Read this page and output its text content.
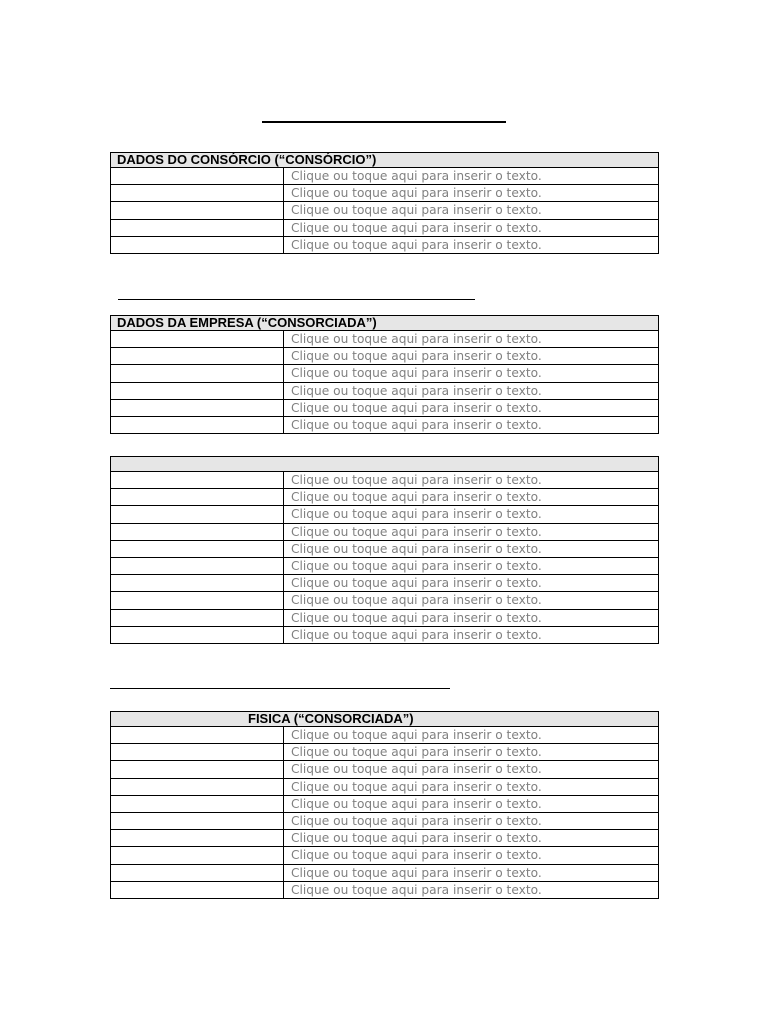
DADOS DO CONSÓRCIO (“CONSÓRCIO”)	
	Clique ou toque aqui para inserir o texto.
	Clique ou toque aqui para inserir o texto.
	Clique ou toque aqui para inserir o texto.
	Clique ou toque aqui para inserir o texto.
	Clique ou toque aqui para inserir o texto.
DADOS DA EMPRESA (“CONSORCIADA”)	
	Clique ou toque aqui para inserir o texto.
	Clique ou toque aqui para inserir o texto.
	Clique ou toque aqui para inserir o texto.
	Clique ou toque aqui para inserir o texto.
	Clique ou toque aqui para inserir o texto.
	Clique ou toque aqui para inserir o texto.

	Clique ou toque aqui para inserir o texto.
	Clique ou toque aqui para inserir o texto.
	Clique ou toque aqui para inserir o texto.
	Clique ou toque aqui para inserir o texto.
	Clique ou toque aqui para inserir o texto.
	Clique ou toque aqui para inserir o texto.
	Clique ou toque aqui para inserir o texto.
	Clique ou toque aqui para inserir o texto.
	Clique ou toque aqui para inserir o texto.
	Clique ou toque aqui para inserir o texto.
FISICA (“CONSORCIADA”)	
	Clique ou toque aqui para inserir o texto.
	Clique ou toque aqui para inserir o texto.
	Clique ou toque aqui para inserir o texto.
	Clique ou toque aqui para inserir o texto.
	Clique ou toque aqui para inserir o texto.
	Clique ou toque aqui para inserir o texto.
	Clique ou toque aqui para inserir o texto.
	Clique ou toque aqui para inserir o texto.
	Clique ou toque aqui para inserir o texto.
	Clique ou toque aqui para inserir o texto.
